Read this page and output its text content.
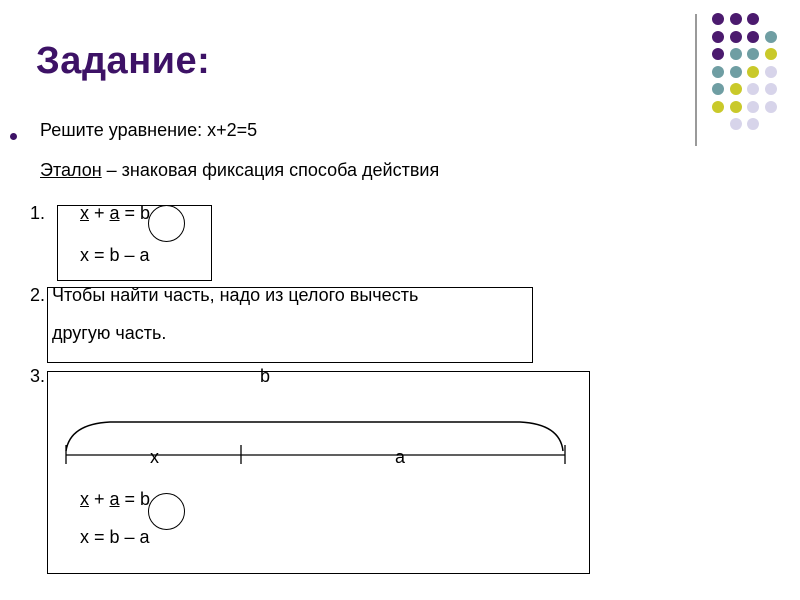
Задание:
Решите уравнение: х+2=5
Эталон – знаковая фиксация способа действия
1. х + а = b
х = b – а
2. Чтобы найти часть, надо из целого вычесть
другую часть.
3.	b
х	а
х + а = b
х = b – а
